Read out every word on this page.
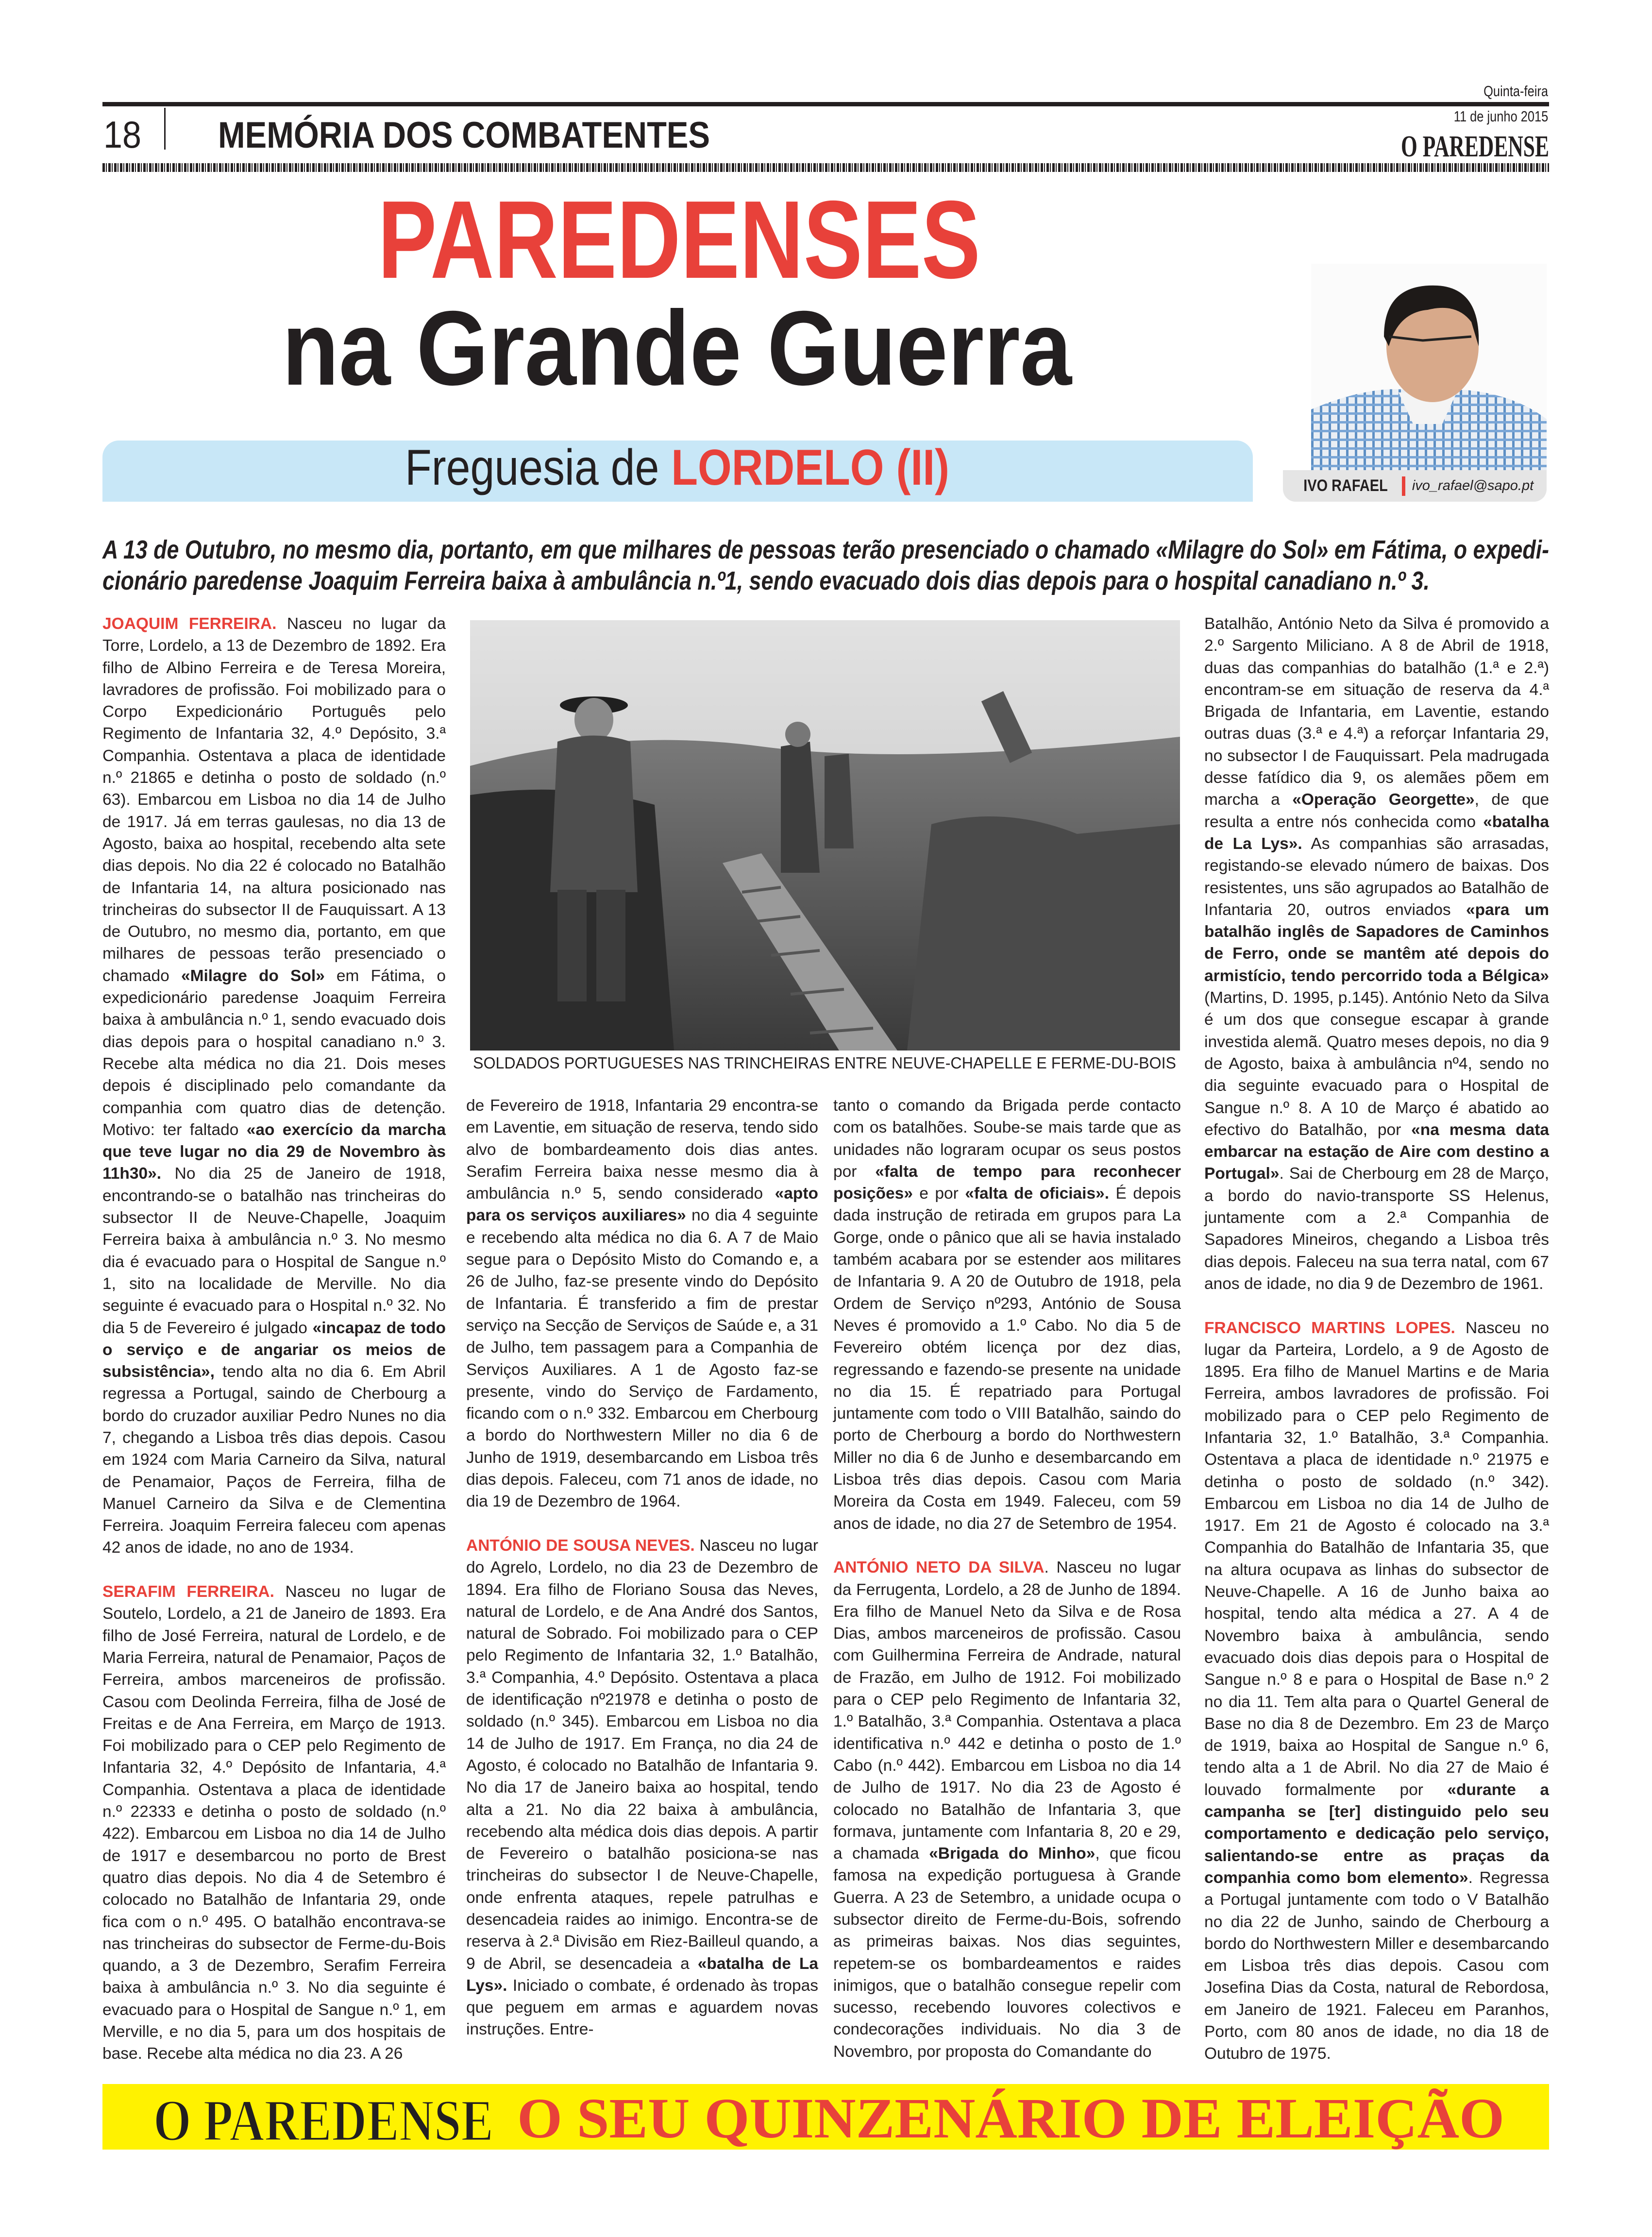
Quinta-feira
11 de junho 2015
18 MEMÓRIA DOS COMBATENTES	O PAREDENSE
PAREDENSES
na Grande Guerra
Freguesia de LORDELO (II)	IVO RAFAEL ivo_rafael@sapo.pt
A 13 de Outubro, no mesmo dia, portanto, em que milhares de pessoas terão presenciado o chamado «Milagre do Sol» em Fátima, o expedi-
cionário paredense Joaquim Ferreira baixa à ambulância n.º1, sendo evacuado dois dias depois para o hospital canadiano n.º 3.
SOLDADOS PORTUGUESES NAS TRINCHEIRAS ENTRE NEUVE-CHAPELLE E FERME-DU-BOIS

JOAQUIM FERREIRA. Nasceu no lugar da Torre, Lordelo, a 13 de Dezembro de 1892. Era filho de Albino Ferreira e de Teresa Moreira, lavradores de profissão. Foi mobilizado para o Corpo Expedicionário Português pelo Regimento de Infantaria 32, 4.º Depósito, 3.ª Companhia. Ostentava a placa de identidade n.º 21865 e detinha o posto de soldado (n.º 63). Embarcou em Lisboa no dia 14 de Julho de 1917. Já em terras gaulesas, no dia 13 de Agosto, baixa ao hospital, recebendo alta sete dias depois. No dia 22 é colocado no Batalhão de Infantaria 14, na altura posicionado nas trincheiras do subsector II de Fauquissart. A 13 de Outubro, no mesmo dia, portanto, em que milhares de pessoas terão presenciado o chamado «Milagre do Sol» em Fátima, o expedicionário paredense Joaquim Ferreira baixa à ambulância n.º 1, sendo evacuado dois dias depois para o hospital canadiano n.º 3. Recebe alta médica no dia 21. Dois meses depois é disciplinado pelo comandante da companhia com quatro dias de detenção. Motivo: ter faltado «ao exercício da marcha que teve lugar no dia 29 de Novembro às 11h30». No dia 25 de Janeiro de 1918, encontrando-se o batalhão nas trincheiras do subsector II de Neuve-Chapelle, Joaquim Ferreira baixa à ambulância n.º 3. No mesmo dia é evacuado para o Hospital de Sangue n.º 1, sito na localidade de Merville. No dia seguinte é evacuado para o Hospital n.º 32. No dia 5 de Fevereiro é julgado «incapaz de todo o serviço e de angariar os meios de subsistência», tendo alta no dia 6. Em Abril regressa a Portugal, saindo de Cherbourg a bordo do cruzador auxiliar Pedro Nunes no dia 7, chegando a Lisboa três dias depois. Casou em 1924 com Maria Carneiro da Silva, natural de Penamaior, Paços de Ferreira, filha de Manuel Carneiro da Silva e de Clementina Ferreira. Joaquim Ferreira faleceu com apenas 42 anos de idade, no ano de 1934.

SERAFIM FERREIRA. Nasceu no lugar de Soutelo, Lordelo, a 21 de Janeiro de 1893. Era filho de José Ferreira, natural de Lordelo, e de Maria Ferreira, natural de Penamaior, Paços de Ferreira, ambos marceneiros de profissão. Casou com Deolinda Ferreira, filha de José de Freitas e de Ana Ferreira, em Março de 1913. Foi mobilizado para o CEP pelo Regimento de Infantaria 32, 4.º Depósito de Infantaria, 4.ª Companhia. Ostentava a placa de identidade n.º 22333 e detinha o posto de soldado (n.º 422). Embarcou em Lisboa no dia 14 de Julho de 1917 e desembarcou no porto de Brest quatro dias depois. No dia 4 de Setembro é colocado no Batalhão de Infantaria 29, onde fica com o n.º 495. O batalhão encontrava-se nas trincheiras do subsector de Ferme-du-Bois quando, a 3 de Dezembro, Serafim Ferreira baixa à ambulância n.º 3. No dia seguinte é evacuado para o Hospital de Sangue n.º 1, em Merville, e no dia 5, para um dos hospitais de base. Recebe alta médica no dia 23. A 26

de Fevereiro de 1918, Infantaria 29 encontra-se em Laventie, em situação de reserva, tendo sido alvo de bombardeamento dois dias antes. Serafim Ferreira baixa nesse mesmo dia à ambulância n.º 5, sendo considerado «apto para os serviços auxiliares» no dia 4 seguinte e recebendo alta médica no dia 6. A 7 de Maio segue para o Depósito Misto do Comando e, a 26 de Julho, faz-se presente vindo do Depósito de Infantaria. É transferido a fim de prestar serviço na Secção de Serviços de Saúde e, a 31 de Julho, tem passagem para a Companhia de Serviços Auxiliares. A 1 de Agosto faz-se presente, vindo do Serviço de Fardamento, ficando com o n.º 332. Embarcou em Cherbourg a bordo do Northwestern Miller no dia 6 de Junho de 1919, desembarcando em Lisboa três dias depois. Faleceu, com 71 anos de idade, no dia 19 de Dezembro de 1964.

ANTÓNIO DE SOUSA NEVES. Nasceu no lugar do Agrelo, Lordelo, no dia 23 de Dezembro de 1894. Era filho de Floriano Sousa das Neves, natural de Lordelo, e de Ana André dos Santos, natural de Sobrado. Foi mobilizado para o CEP pelo Regimento de Infantaria 32, 1.º Batalhão, 3.ª Companhia, 4.º Depósito. Ostentava a placa de identificação nº21978 e detinha o posto de soldado (n.º 345). Embarcou em Lisboa no dia 14 de Julho de 1917. Em França, no dia 24 de Agosto, é colocado no Batalhão de Infantaria 9. No dia 17 de Janeiro baixa ao hospital, tendo alta a 21. No dia 22 baixa à ambulância, recebendo alta médica dois dias depois. A partir de Fevereiro o batalhão posiciona-se nas trincheiras do subsector I de Neuve-Chapelle, onde enfrenta ataques, repele patrulhas e desencadeia raides ao inimigo. Encontra-se de reserva à 2.ª Divisão em Riez-Bailleul quando, a 9 de Abril, se desencadeia a «batalha de La Lys». Iniciado o combate, é ordenado às tropas que peguem em armas e aguardem novas instruções. Entre-

tanto o comando da Brigada perde contacto com os batalhões. Soube-se mais tarde que as unidades não lograram ocupar os seus postos por «falta de tempo para reconhecer posições» e por «falta de oficiais». É depois dada instrução de retirada em grupos para La Gorge, onde o pânico que ali se havia instalado também acabara por se estender aos militares de Infantaria 9. A 20 de Outubro de 1918, pela Ordem de Serviço nº293, António de Sousa Neves é promovido a 1.º Cabo. No dia 5 de Fevereiro obtém licença por dez dias, regressando e fazendo-se presente na unidade no dia 15. É repatriado para Portugal juntamente com todo o VIII Batalhão, saindo do porto de Cherbourg a bordo do Northwestern Miller no dia 6 de Junho e desembarcando em Lisboa três dias depois. Casou com Maria Moreira da Costa em 1949. Faleceu, com 59 anos de idade, no dia 27 de Setembro de 1954.

ANTÓNIO NETO DA SILVA. Nasceu no lugar da Ferrugenta, Lordelo, a 28 de Junho de 1894. Era filho de Manuel Neto da Silva e de Rosa Dias, ambos marceneiros de profissão. Casou com Guilhermina Ferreira de Andrade, natural de Frazão, em Julho de 1912. Foi mobilizado para o CEP pelo Regimento de Infantaria 32, 1.º Batalhão, 3.ª Companhia. Ostentava a placa identificativa n.º 442 e detinha o posto de 1.º Cabo (n.º 442). Embarcou em Lisboa no dia 14 de Julho de 1917. No dia 23 de Agosto é colocado no Batalhão de Infantaria 3, que formava, juntamente com Infantaria 8, 20 e 29, a chamada «Brigada do Minho», que ficou famosa na expedição portuguesa à Grande Guerra. A 23 de Setembro, a unidade ocupa o subsector direito de Ferme-du-Bois, sofrendo as primeiras baixas. Nos dias seguintes, repetem-se os bombardeamentos e raides inimigos, que o batalhão consegue repelir com sucesso, recebendo louvores colectivos e condecorações individuais. No dia 3 de Novembro, por proposta do Comandante do

Batalhão, António Neto da Silva é promovido a 2.º Sargento Miliciano. A 8 de Abril de 1918, duas das companhias do batalhão (1.ª e 2.ª) encontram-se em situação de reserva da 4.ª Brigada de Infantaria, em Laventie, estando outras duas (3.ª e 4.ª) a reforçar Infantaria 29, no subsector I de Fauquissart. Pela madrugada desse fatídico dia 9, os alemães põem em marcha a «Operação Georgette», de que resulta a entre nós conhecida como «batalha de La Lys». As companhias são arrasadas, registando-se elevado número de baixas. Dos resistentes, uns são agrupados ao Batalhão de Infantaria 20, outros enviados «para um batalhão inglês de Sapadores de Caminhos de Ferro, onde se mantêm até depois do armistício, tendo percorrido toda a Bélgica» (Martins, D. 1995, p.145). António Neto da Silva é um dos que consegue escapar à grande investida alemã. Quatro meses depois, no dia 9 de Agosto, baixa à ambulância nº4, sendo no dia seguinte evacuado para o Hospital de Sangue n.º 8. A 10 de Março é abatido ao efectivo do Batalhão, por «na mesma data embarcar na estação de Aire com destino a Portugal». Sai de Cherbourg em 28 de Março, a bordo do navio-transporte SS Helenus, juntamente com a 2.ª Companhia de Sapadores Mineiros, chegando a Lisboa três dias depois. Faleceu na sua terra natal, com 67 anos de idade, no dia 9 de Dezembro de 1961.

FRANCISCO MARTINS LOPES. Nasceu no lugar da Parteira, Lordelo, a 9 de Agosto de 1895. Era filho de Manuel Martins e de Maria Ferreira, ambos lavradores de profissão. Foi mobilizado para o CEP pelo Regimento de Infantaria 32, 1.º Batalhão, 3.ª Companhia. Ostentava a placa de identidade n.º 21975 e detinha o posto de soldado (n.º 342). Embarcou em Lisboa no dia 14 de Julho de 1917. Em 21 de Agosto é colocado na 3.ª Companhia do Batalhão de Infantaria 35, que na altura ocupava as linhas do subsector de Neuve-Chapelle. A 16 de Junho baixa ao hospital, tendo alta médica a 27. A 4 de Novembro baixa à ambulância, sendo evacuado dois dias depois para o Hospital de Sangue n.º 8 e para o Hospital de Base n.º 2 no dia 11. Tem alta para o Quartel General de Base no dia 8 de Dezembro. Em 23 de Março de 1919, baixa ao Hospital de Sangue n.º 6, tendo alta a 1 de Abril. No dia 27 de Maio é louvado formalmente por «durante a campanha se [ter] distinguido pelo seu comportamento e dedicação pelo serviço, salientando-se entre as praças da companhia como bom elemento». Regressa a Portugal juntamente com todo o V Batalhão no dia 22 de Junho, saindo de Cherbourg a bordo do Northwestern Miller e desembarcando em Lisboa três dias depois. Casou com Josefina Dias da Costa, natural de Rebordosa, em Janeiro de 1921. Faleceu em Paranhos, Porto, com 80 anos de idade, no dia 18 de Outubro de 1975.

O PAREDENSE O SEU QUINZENÁRIO DE ELEIÇÃO
